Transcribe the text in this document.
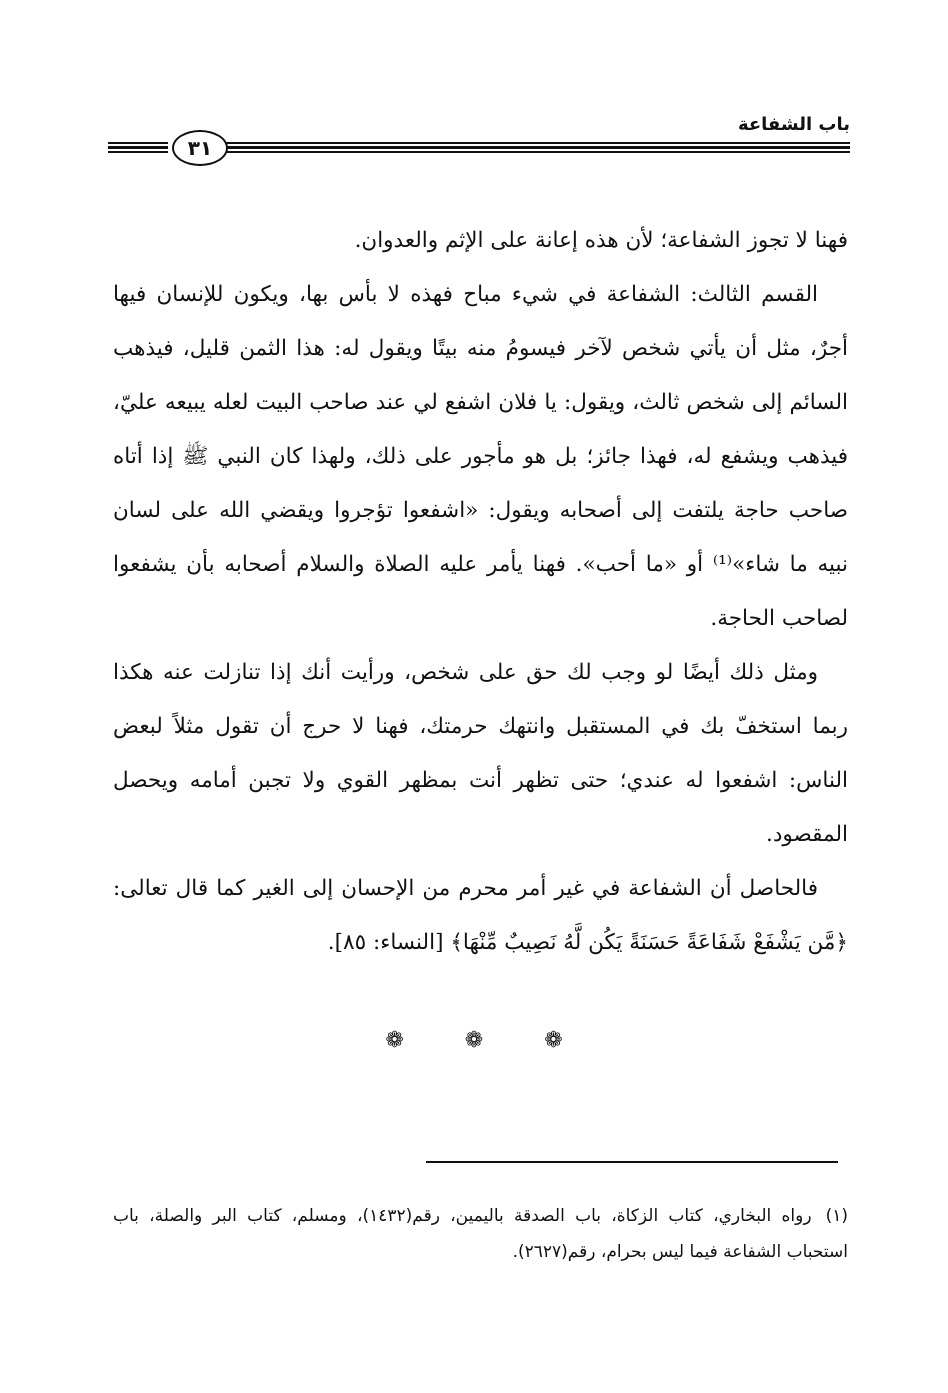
باب الشفاعة
٣١

فهنا لا تجوز الشفاعة؛ لأن هذه إعانة على الإثم والعدوان.

القسم الثالث: الشفاعة في شيء مباح فهذه لا بأس بها، ويكون للإنسان فيها أجرٌ، مثل أن يأتي شخص لآخر فيسومُ منه بيتًا ويقول له: هذا الثمن قليل، فيذهب السائم إلى شخص ثالث، ويقول: يا فلان اشفع لي عند صاحب البيت لعله يبيعه عليّ، فيذهب ويشفع له، فهذا جائز؛ بل هو مأجور على ذلك، ولهذا كان النبي ﷺ إذا أتاه صاحب حاجة يلتفت إلى أصحابه ويقول: «اشفعوا تؤجروا ويقضي الله على لسان نبيه ما شاء»⁽¹⁾ أو «ما أحب». فهنا يأمر عليه الصلاة والسلام أصحابه بأن يشفعوا لصاحب الحاجة.

ومثل ذلك أيضًا لو وجب لك حق على شخص، ورأيت أنك إذا تنازلت عنه هكذا ربما استخفّ بك في المستقبل وانتهك حرمتك، فهنا لا حرج أن تقول مثلاً لبعض الناس: اشفعوا له عندي؛ حتى تظهر أنت بمظهر القوي ولا تجبن أمامه ويحصل المقصود.

فالحاصل أن الشفاعة في غير أمر محرم من الإحسان إلى الغير كما قال تعالى: ﴿مَّن يَشْفَعْ شَفَاعَةً حَسَنَةً يَكُن لَّهُ نَصِيبٌ مِّنْهَا﴾ [النساء: ٨٥].

❁ ❁ ❁
(١)رواه البخاري، كتاب الزكاة، باب الصدقة باليمين، رقم(١٤٣٢)، ومسلم، كتاب البر والصلة، باب استحباب الشفاعة فيما ليس بحرام، رقم(٢٦٢٧).
